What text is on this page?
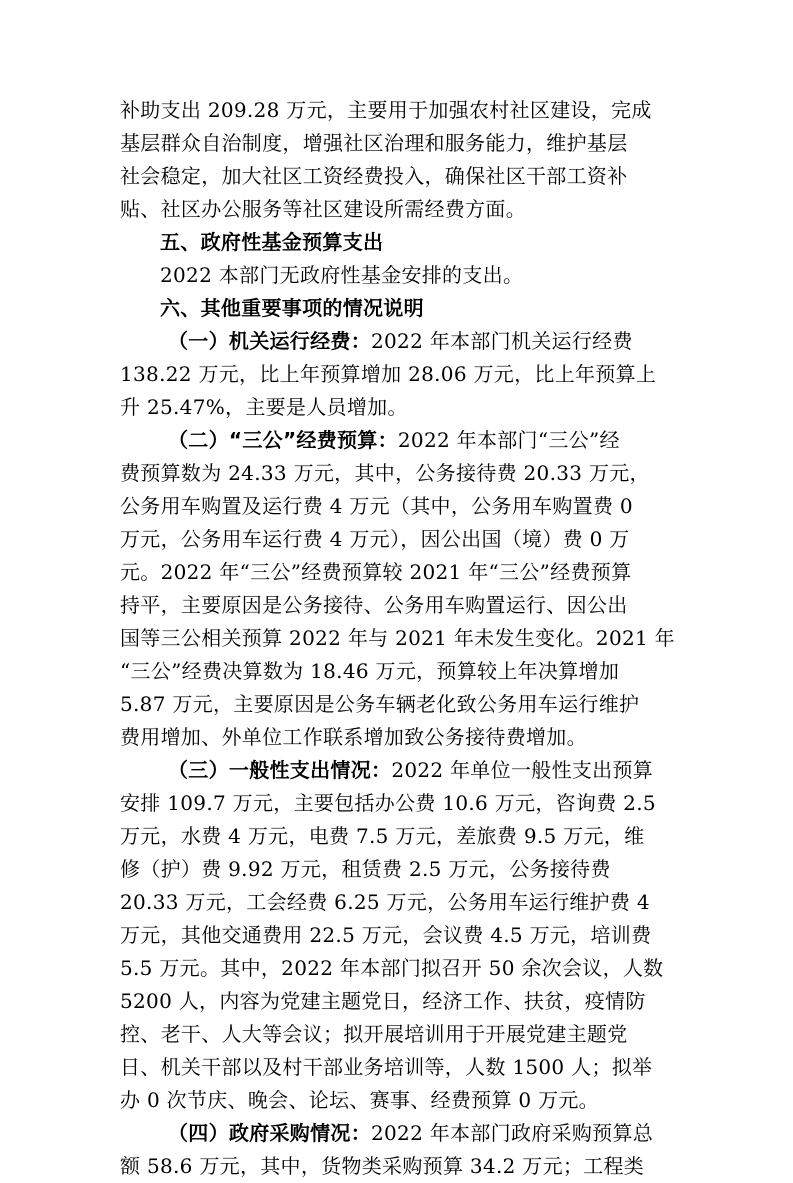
补助支出 209.28 万元，主要用于加强农村社区建设，完成
基层群众自治制度，增强社区治理和服务能力，维护基层
社会稳定，加大社区工资经费投入，确保社区干部工资补
贴、社区办公服务等社区建设所需经费方面。
五、政府性基金预算支出
2022 本部门无政府性基金安排的支出。
六、其他重要事项的情况说明
（一）机关运行经费：2022 年本部门机关运行经费
138.22 万元，比上年预算增加 28.06 万元，比上年预算上
升 25.47%，主要是人员增加。
（二）“三公”经费预算：2022 年本部门“三公”经
费预算数为 24.33 万元，其中，公务接待费 20.33 万元，
公务用车购置及运行费 4 万元（其中，公务用车购置费 0
万元，公务用车运行费 4 万元），因公出国（境）费 0 万
元。2022 年“三公”经费预算较 2021 年“三公”经费预算
持平，主要原因是公务接待、公务用车购置运行、因公出
国等三公相关预算 2022 年与 2021 年未发生变化。2021 年
“三公”经费决算数为 18.46 万元，预算较上年决算增加
5.87 万元，主要原因是公务车辆老化致公务用车运行维护
费用增加、外单位工作联系增加致公务接待费增加。
（三）一般性支出情况：2022 年单位一般性支出预算
安排 109.7 万元，主要包括办公费 10.6 万元，咨询费 2.5
万元，水费 4 万元，电费 7.5 万元，差旅费 9.5 万元，维
修（护）费 9.92 万元，租赁费 2.5 万元，公务接待费
20.33 万元，工会经费 6.25 万元，公务用车运行维护费 4
万元，其他交通费用 22.5 万元，会议费 4.5 万元，培训费
5.5 万元。其中，2022 年本部门拟召开 50 余次会议，人数
5200 人，内容为党建主题党日，经济工作、扶贫，疫情防
控、老干、人大等会议；拟开展培训用于开展党建主题党
日、机关干部以及村干部业务培训等，人数 1500 人；拟举
办 0 次节庆、晚会、论坛、赛事、经费预算 0 万元。
（四）政府采购情况：2022 年本部门政府采购预算总
额 58.6 万元，其中，货物类采购预算 34.2 万元；工程类
